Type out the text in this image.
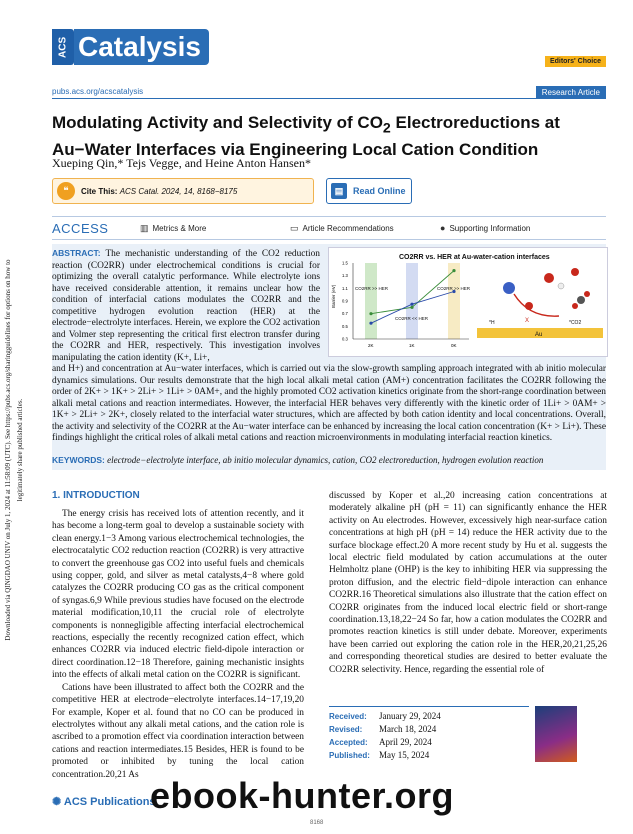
ACS Catalysis	Editors' Choice
pubs.acs.org/acscatalysis	Research Article
Modulating Activity and Selectivity of $CO_2$ Electroreductions at Au−Water Interfaces via Engineering Local Cation Condition
Xueping Qin,* Tejs Vegge, and Heine Anton Hansen*
❝	Cite This:
ACS Catal. 2024, 14, 8168−8175	▤	Read Online
ACCESS	▥ Metrics & More	▭ Article Recommendations	● Supporting Information
ABSTRACT: The mechanistic understanding of the CO2 reduction reaction (CO2RR) under electrochemical conditions is crucial for optimizing the overall catalytic performance. While electrolyte ions have received considerable attention, it remains unclear how the condition of interfacial cations modulates the CO2RR and the competitive hydrogen evolution reaction (HER) at the electrode−electrolyte interfaces. Herein, we explore the CO2 activation and Volmer step representing the critical first electron transfer during the CO2RR and HER, respectively. This investigation involves manipulating the cation identity (K+, Li+,
CO2RR vs. HER at Au-water-cation interfaces
Barrier (eV)
0.3
0.5
0.7
0.9
1.1
1.3
1.5
2K	1K	0K
CO2RR >> HER
CO2RR << HER
CO2RR >> HER
Au
*H	*CO2
X
and H+) and concentration at Au−water interfaces, which is carried out via the slow-growth sampling approach integrated with ab initio molecular dynamics simulations. Our results demonstrate that the high local alkali metal cation (AM+) concentration facilitates the CO2RR following the order of 2K+ > 1K+ > 2Li+ > 1Li+ > 0AM+, and the highly promoted CO2 activation kinetics originate from the short-range coordination between alkali metal cations and reaction intermediates. However, the interfacial HER behaves very differently with the kinetic order of 1Li+ > 0AM+ > 1K+ > 2Li+ > 2K+, closely related to the interfacial water structures, which are affected by both cation identity and local concentrations. Overall, the activity and selectivity of the CO2RR at the Au−water interface can be enhanced by increasing the local cation concentration (K+ > Li+). These findings highlight the critical roles of alkali metal cations and reaction microenvironments in modulating interfacial reaction kinetics.
KEYWORDS: electrode−electrolyte interface, ab initio molecular dynamics, cation, CO2 electroreduction, hydrogen evolution reaction
1. INTRODUCTION

The energy crisis has received lots of attention recently, and it has become a long-term goal to develop a sustainable society with clean energy.1−3 Among various electrochemical technologies, the electrocatalytic CO2 reduction reaction (CO2RR) is very attractive to convert the greenhouse gas CO2 into useful fuels and chemicals using copper, gold, and silver as metal catalysts,4−8 where gold catalyzes the CO2RR producing CO gas as the critical component of syngas.6,9 While previous studies have focused on the electrode material modification,10,11 the crucial role of electrolyte components is nonnegligible affecting interfacial electrochemical reactions, especially the recently recognized cation effect, which enhances CO2RR via induced electric field-dipole interaction or direct coordination.12−18 Therefore, gaining mechanistic insights into the effects of alkali metal cation on the CO2RR is significant.

Cations have been illustrated to affect both the CO2RR and the competitive HER at electrode−electrolyte interfaces.14−17,19,20 For example, Koper et al. found that no CO can be produced in electrolytes without any alkali metal cations, and the cation role is ascribed to a promotion effect via coordination interaction between cations and reaction intermediates.15 Besides, HER is found to be promoted or inhibited by tuning the local cation concentration.20,21 As

discussed by Koper et al.,20 increasing cation concentrations at moderately alkaline pH (pH = 11) can significantly enhance the HER activity on Au electrodes. However, excessively high near-surface cation concentrations at high pH (pH = 14) reduce the HER activity due to the surface blockage effect.20 A more recent study by Hu et al. suggests the local electric field modulated by cation accumulations at the outer Helmholtz plane (OHP) is the key to inhibiting HER via suppressing the proton diffusion, and the electric field−dipole interaction can enhance CO2RR.16 Theoretical simulations also illustrate that the cation effect on CO2RR originates from the induced local electric field or short-range coordination.13,18,22−24 So far, how a cation modulates the CO2RR and promotes reaction kinetics is still under debate. Moreover, experiments have been carried out exploring the cation role in the HER,20,21,25,26 and corresponding theoretical studies are desired to better evaluate the CO2RR selectivity. Hence, regarding the essential role of

Received: January 29, 2024
Revised: March 18, 2024
Accepted: April 29, 2024
Published: May 15, 2024
Downloaded via QINGDAO UNIV on July 1, 2024 at 11:58:09 (UTC). See https://pubs.acs.org/sharingguidelines for options on how to legitimately share published articles.
✺ ACS Publications
ebook-hunter.org
8168
